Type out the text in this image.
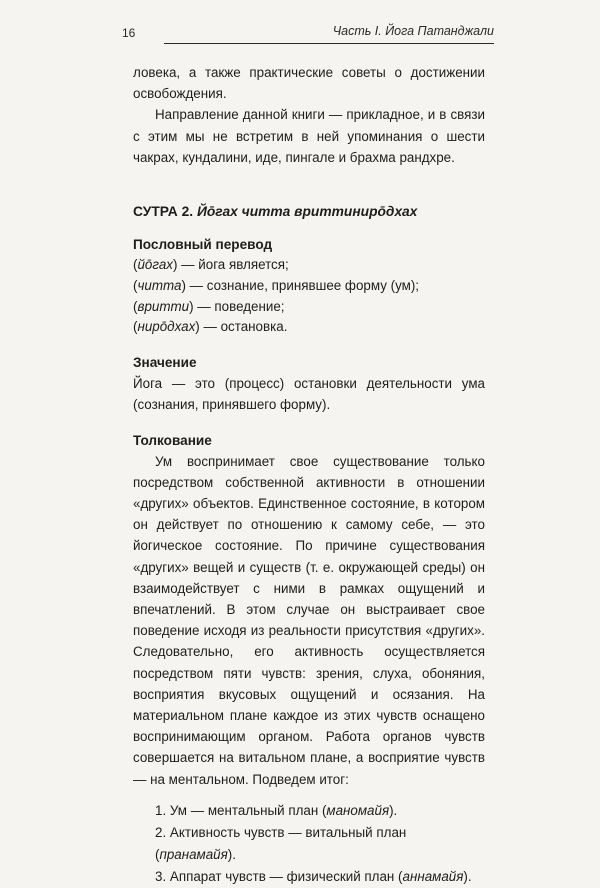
16	Часть I. Йога Патанджали

ловека, а также практические советы о достижении освобождения.

Направление данной книги — прикладное, и в связи с этим мы не встретим в ней упоминания о шести чакрах, кундалини, иде, пингале и брахма рандхре.

СУТРА 2. Йо̄гах читта вриттиниро̄дхах

Пословный перевод

(йо̄гах) — йога является;

(читта) — сознание, принявшее форму (ум);

(вритти) — поведение;

(ниро̄дхах) — остановка.

Значение

Йога — это (процесс) остановки деятельности ума (сознания, принявшего форму).

Толкование

Ум воспринимает свое существование только посредством собственной активности в отношении «других» объектов. Единственное состояние, в котором он действует по отношению к самому себе, — это йогическое состояние. По причине существования «других» вещей и существ (т. е. окружающей среды) он взаимодействует с ними в рамках ощущений и впечатлений. В этом случае он выстраивает свое поведение исходя из реальности присутствия «других». Следовательно, его активность осуществляется посредством пяти чувств: зрения, слуха, обоняния, восприятия вкусовых ощущений и осязания. На материальном плане каждое из этих чувств оснащено воспринимающим органом. Работа органов чувств совершается на витальном плане, а восприятие чувств — на ментальном. Подведем итог:

1. Ум — ментальный план (маномайя).
2. Активность чувств — витальный план (пранамайя).
3. Аппарат чувств — физический план (аннамайя).
